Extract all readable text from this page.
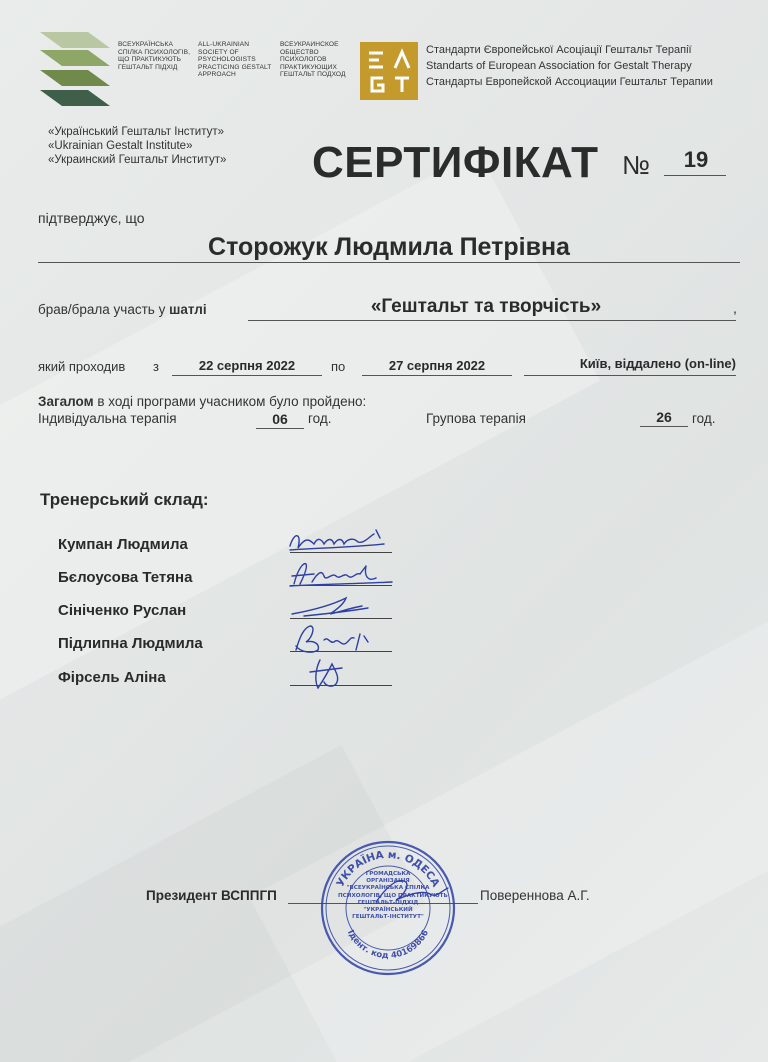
ВСЕУКРАЇНСЬКА СПІЛКА ПСИХОЛОГІВ, ЩО ПРАКТИКУЮТЬ ГЕШТАЛЬТ ПІДХІД
ALL-UKRAINIAN SOCIETY OF PSYCHOLOGISTS PRACTICING GESTALT APPROACH
ВСЕУКРАИНСКОЕ ОБЩЕСТВО ПСИХОЛОГОВ ПРАКТИКУЮЩИХ ГЕШТАЛЬТ ПОДХОД
Стандарти Європейської Асоціації Гештальт Терапії
Standarts of European Association for Gestalt Therapy
Стандарты Европейской Ассоциации Гештальт Терапии
«Український Гештальт Інститут»
«Ukrainian Gestalt Institute»
«Украинский Гештальт Институт» СЕРТИФІКАТ №	19
підтверджує, що
Сторожук Людмила Петрівна
брав/брала участь у шатлі	«Гештальт та творчість»	,
який проходив з	22 серпня 2022	по	27 серпня 2022	Київ, віддалено (on-line)
Загалом в ході програми учасником було пройдено:
Індивідуальна терапія	06	год.	Групова терапія	26	год.
Тренерський склад:
Кумпан Людмила
Бєлоусова Тетяна
Сініченко Руслан
Підлипна Людмила
Фірсель Аліна
Президент ВСППГП	Повереннова А.Г.
УКРАЇНА м. ОДЕСА
Ідент. код 40169866
ГРОМАДСЬКА
ОРГАНІЗАЦІЯ
"ВСЕУКРАЇНСЬКА СПІЛКА
ПСИХОЛОГІВ, ЩО ПРАКТИКУЮТЬ
ГЕШТАЛЬТ-ПІДХІД
"УКРАЇНСЬКИЙ
ГЕШТАЛЬТ-ІНСТИТУТ"
